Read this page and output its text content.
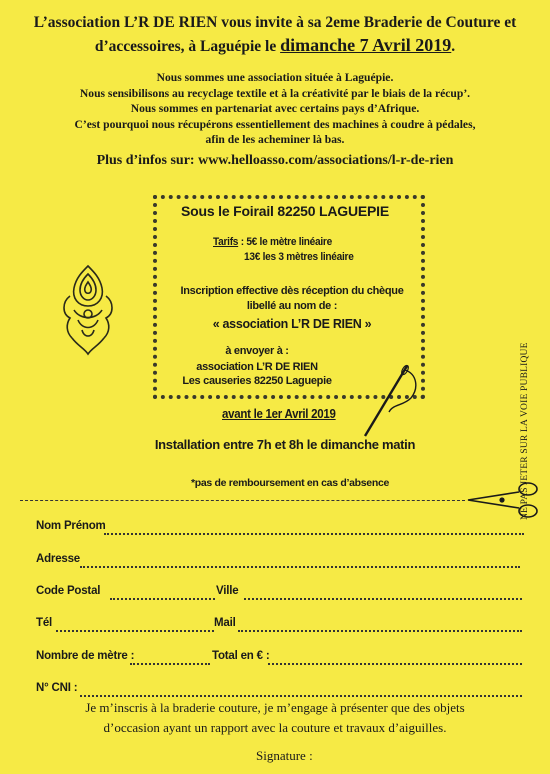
L’association L’R DE RIEN vous invite à sa 2eme Braderie de Couture et
d’accessoires, à Laguépie le dimanche 7 Avril 2019.
Nous sommes une association située à Laguépie.
Nous sensibilisons au recyclage textile et à la créativité par le biais de la récup’.
Nous sommes en partenariat avec certains pays d’Afrique.
C’est pourquoi nous récupérons essentiellement des machines à coudre à pédales,
afin de les acheminer là bas.
Plus d’infos sur: www.helloasso.com/associations/l-r-de-rien
Sous le Foirail 82250 LAGUEPIE
Tarifs : 5€ le mètre linéaire
13€ les 3 mètres linéaire
Inscription effective dès réception du chèque
libellé au nom de :
« association L’R DE RIEN »
à envoyer à :
association L’R DE RIEN
Les causeries 82250 Laguepie
avant le 1er Avril 2019
Installation entre 7h et 8h le dimanche matin
*pas de remboursement en cas d’absence	NE PAS JETER SUR LA VOIE PUBLIQUE
Nom Prénom
Adresse
Code Postal	Ville
Tél	Mail
Nombre de mètre :	Total en € :
N° CNI :
Je m’inscris à la braderie couture, je m’engage à présenter que des objets
d’occasion ayant un rapport avec la couture et travaux d’aiguilles.
Signature :
